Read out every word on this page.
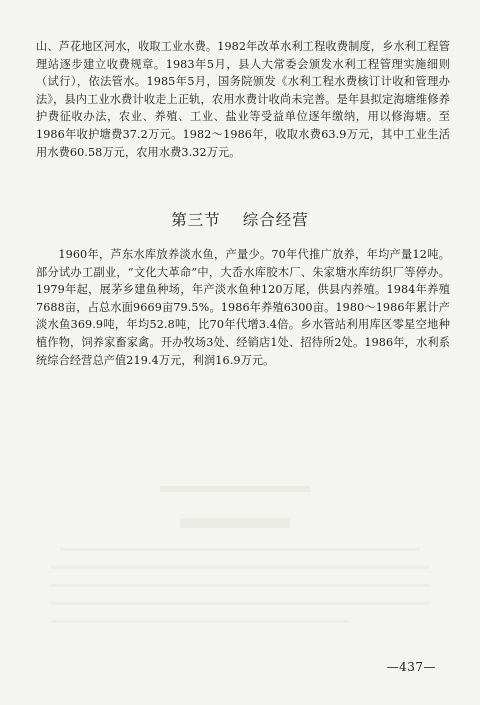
山、芦花地区河水，收取工业水费。1982年改革水利工程收费制度，乡水利工程管理站逐步建立收费规章。1983年5月，县人大常委会颁发水利工程管理实施细则（试行），依法管水。1985年5月，国务院颁发《水利工程水费核订计收和管理办法》，县内工业水费计收走上正轨，农用水费计收尚未完善。是年县拟定海塘维修养护费征收办法，农业、养殖、工业、盐业等受益单位逐年缴纳，用以修海塘。至1986年收护塘费37.2万元。1982～1986年，收取水费63.9万元，其中工业生活用水费60.58万元，农用水费3.32万元。

第三节 综合经营

1960年，芦东水库放养淡水鱼，产量少。70年代推广放养，年均产量12吨。部分试办工副业，“文化大革命”中，大岙水库胶木厂、朱家塘水库纺织厂等停办。1979年起，展茅乡建鱼种场，年产淡水鱼种120万尾，供县内养殖。1984年养殖7688亩，占总水面9669亩79.5%。1986年养殖6300亩。1980～1986年累计产淡水鱼369.9吨，年均52.8吨，比70年代增3.4倍。乡水管站利用库区零星空地种植作物，饲养家畜家禽。开办牧场3处、经销店1处、招待所2处。1986年，水利系统综合经营总产值219.4万元，利润16.9万元。

—437—
